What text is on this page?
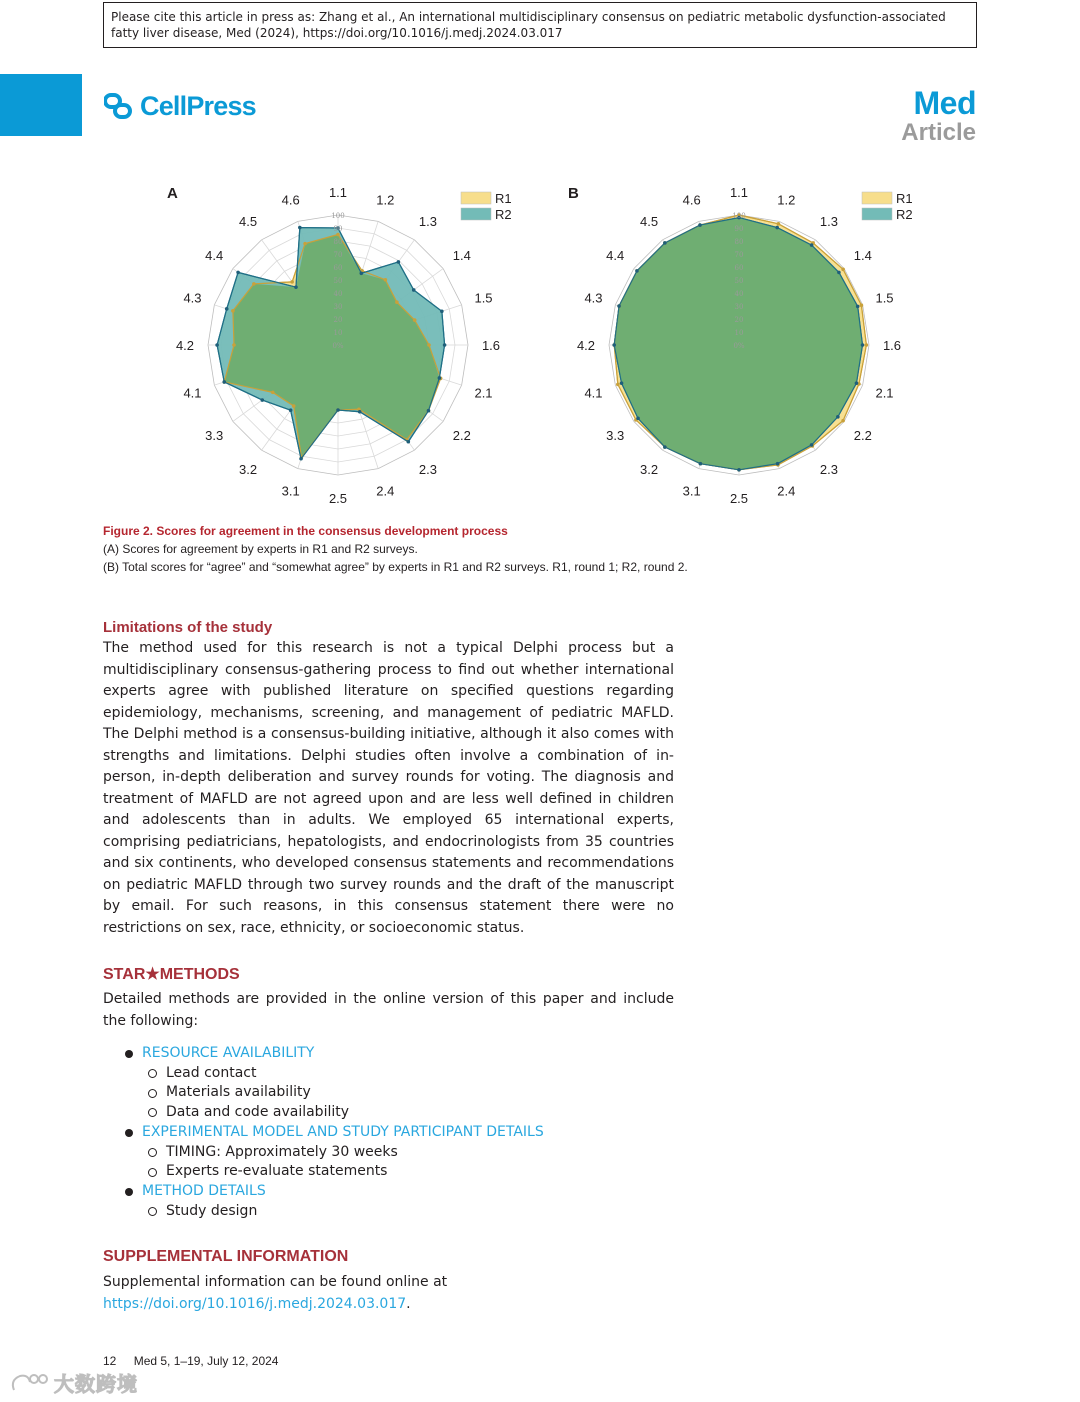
Please cite this article in press as: Zhang et al., An international multidisciplinary consensus on pediatric metabolic dysfunction-associated fatty liver disease, Med (2024), https://doi.org/10.1016/j.medj.2024.03.017
CellPress	Med
Article
100
90
80
70
60
50
40
30
20
10
0%
1.1 1.2
1.3
1.4
1.5
1.6
2.1
2.2
2.3
2.4
2.5
3.1
3.2
3.3
4.1
4.2
4.3
4.4
4.5
4.6
A	R1
R2	100
90
80
70
60
50
40
30
20
10
0%
1.1 1.2
1.3
1.4
1.5
1.6
2.1
2.2
2.3
2.4
2.5
3.1
3.2
3.3
4.1
4.2
4.3
4.4
4.5
4.6
B	R1
R2
Figure 2. Scores for agreement in the consensus development process
(A) Scores for agreement by experts in R1 and R2 surveys.
(B) Total scores for “agree” and “somewhat agree” by experts in R1 and R2 surveys. R1, round 1; R2, round 2.
Limitations of the study
The method used for this research is not a typical Delphi process but a multidisciplinary consensus-gathering process to find out whether international experts agree with published literature on specified questions regarding epidemiology, mechanisms, screening, and management of pediatric MAFLD. The Delphi method is a consensus-building initiative, although it also comes with strengths and limitations. Delphi studies often involve a combination of in-person, in-depth deliberation and survey rounds for voting. The diagnosis and treatment of MAFLD are not agreed upon and are less well defined in children and adolescents than in adults. We employed 65 international experts, comprising pediatricians, hepatologists, and endocrinologists from 35 countries and six continents, who developed consensus statements and recommendations on pediatric MAFLD through two survey rounds and the draft of the manuscript by email. For such reasons, in this consensus statement there were no restrictions on sex, race, ethnicity, or socioeconomic status.
STAR★METHODS
Detailed methods are provided in the online version of this paper and include the following:
RESOURCE AVAILABILITY
Lead contact
Materials availability
Data and code availability
EXPERIMENTAL MODEL AND STUDY PARTICIPANT DETAILS
TIMING: Approximately 30 weeks
Experts re-evaluate statements
METHOD DETAILS
Study design
SUPPLEMENTAL INFORMATION
Supplemental information can be found online at https://doi.org/10.1016/j.medj.2024.03.017.
12 Med 5, 1–19, July 12, 2024
大数跨境
